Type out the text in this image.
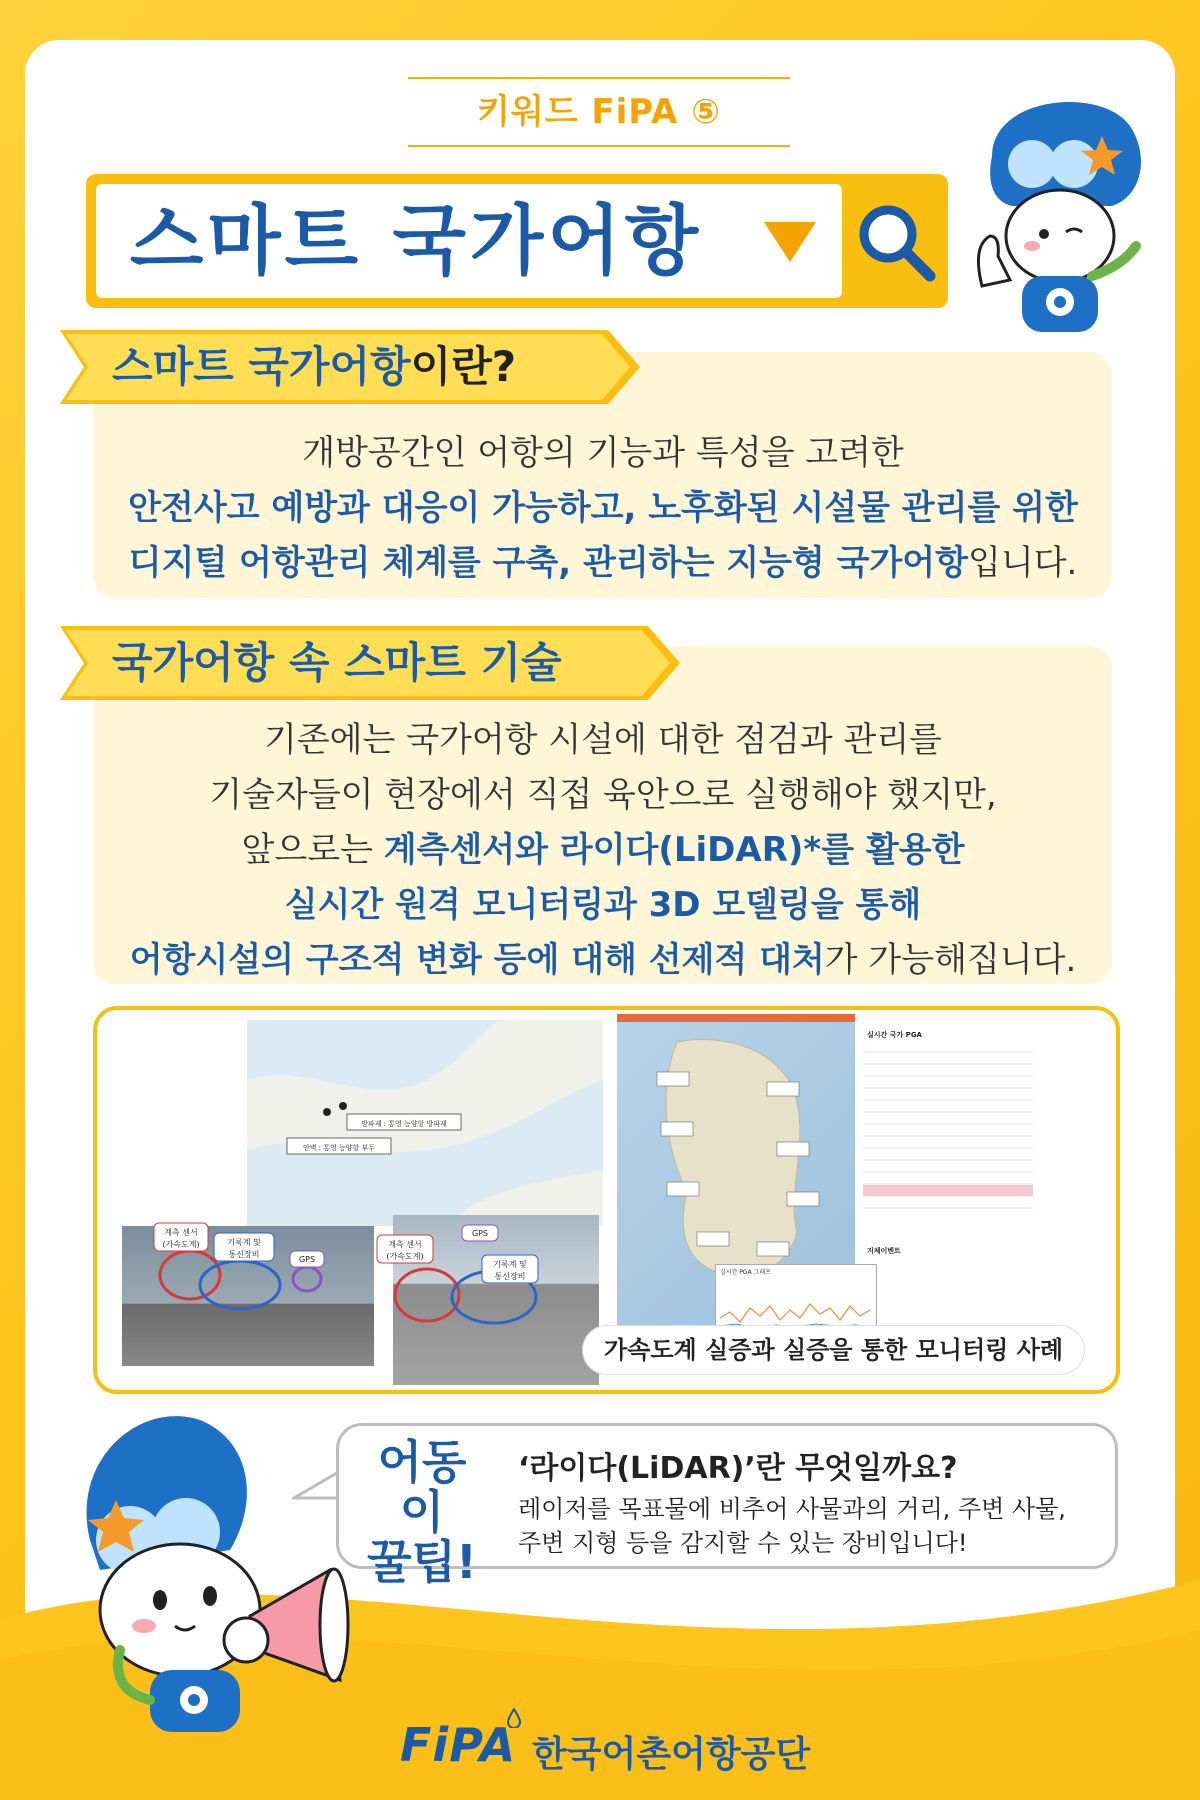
키워드 FiPA ⑤
스마트 국가어항
스마트 국가어항이란?
개방공간인 어항의 기능과 특성을 고려한
안전사고 예방과 대응이 가능하고, 노후화된 시설물 관리를 위한
디지털 어항관리 체계를 구축, 관리하는 지능형 국가어항입니다.
국가어항 속 스마트 기술
기존에는 국가어항 시설에 대한 점검과 관리를
기술자들이 현장에서 직접 육안으로 실행해야 했지만,
앞으로는 계측센서와 라이다(LiDAR)*를 활용한
실시간 원격 모니터링과 3D 모델링을 통해
어항시설의 구조적 변화 등에 대해 선제적 대처가 가능해집니다.
방파제 : 통영 능양항 방파제
안벽 : 통영 능양항 부두
계측 센서
(가속도계)	기록계 및
통신장비
GPS
계측 센서
(가속도계)
GPS
기록계 및
통신장비
실시간 국가 PGA
지체이벤트
실시간 PGA 그래프
가속도계 실증과 실증을 통한 모니터링 사례
어동이
꿀팁!
‘라이다(LiDAR)’란 무엇일까요?
레이저를 목표물에 비추어 사물과의 거리, 주변 사물,
주변 지형 등을 감지할 수 있는 장비입니다!
FiPA 한국어촌어항공단
